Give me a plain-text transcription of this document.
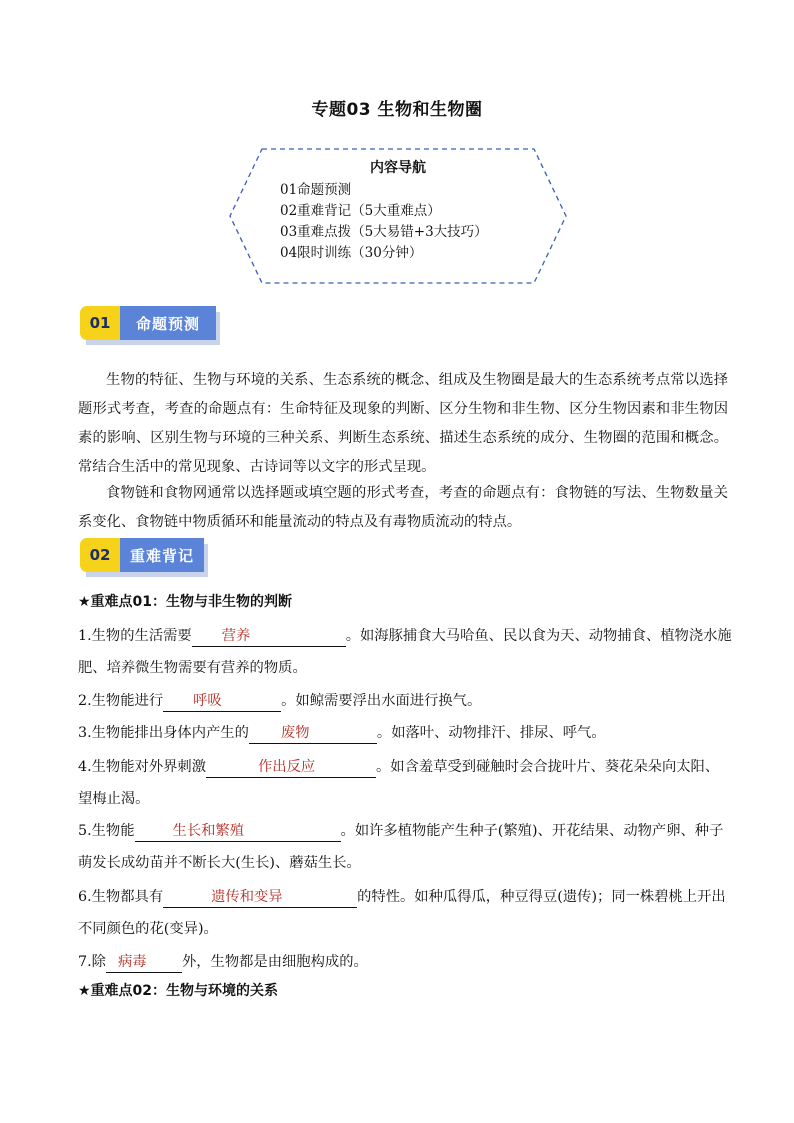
专题03 生物和生物圈
内容导航
01命题预测
02重难背记（5大重难点）
03重难点拨（5大易错+3大技巧）
04限时训练（30分钟）
01	命题预测
生物的特征、生物与环境的关系、生态系统的概念、组成及生物圈是最大的生态系统考点常以选择题形式考查，考查的命题点有：生命特征及现象的判断、区分生物和非生物、区分生物因素和非生物因素的影响、区别生物与环境的三种关系、判断生态系统、描述生态系统的成分、生物圈的范围和概念。常结合生活中的常见现象、古诗词等以文字的形式呈现。
食物链和食物网通常以选择题或填空题的形式考查，考查的命题点有：食物链的写法、生物数量关系变化、食物链中物质循环和能量流动的特点及有毒物质流动的特点。
02	重难背记
★重难点01：生物与非生物的判断
1.生物的生活需要 营养	。如海豚捕食大马哈鱼、民以食为天、动物捕食、植物浇水施肥、培养微生物需要有营养的物质。
2.生物能进行 呼吸	。如鲸需要浮出水面进行换气。
3.生物能排出身体内产生的 废物	。如落叶、动物排汗、排尿、呼气。
4.生物能对外界刺激	作出反应	。如含羞草受到碰触时会合拢叶片、葵花朵朵向太阳、望梅止渴。
5.生物能	生长和繁殖	。如许多植物能产生种子(繁殖)、开花结果、动物产卵、种子萌发长成幼苗并不断长大(生长)、蘑菇生长。
6.生物都具有	遗传和变异	的特性。如种瓜得瓜，种豆得豆(遗传)；同一株碧桃上开出不同颜色的花(变异)。
7.除 病毒 外，生物都是由细胞构成的。
★重难点02：生物与环境的关系
